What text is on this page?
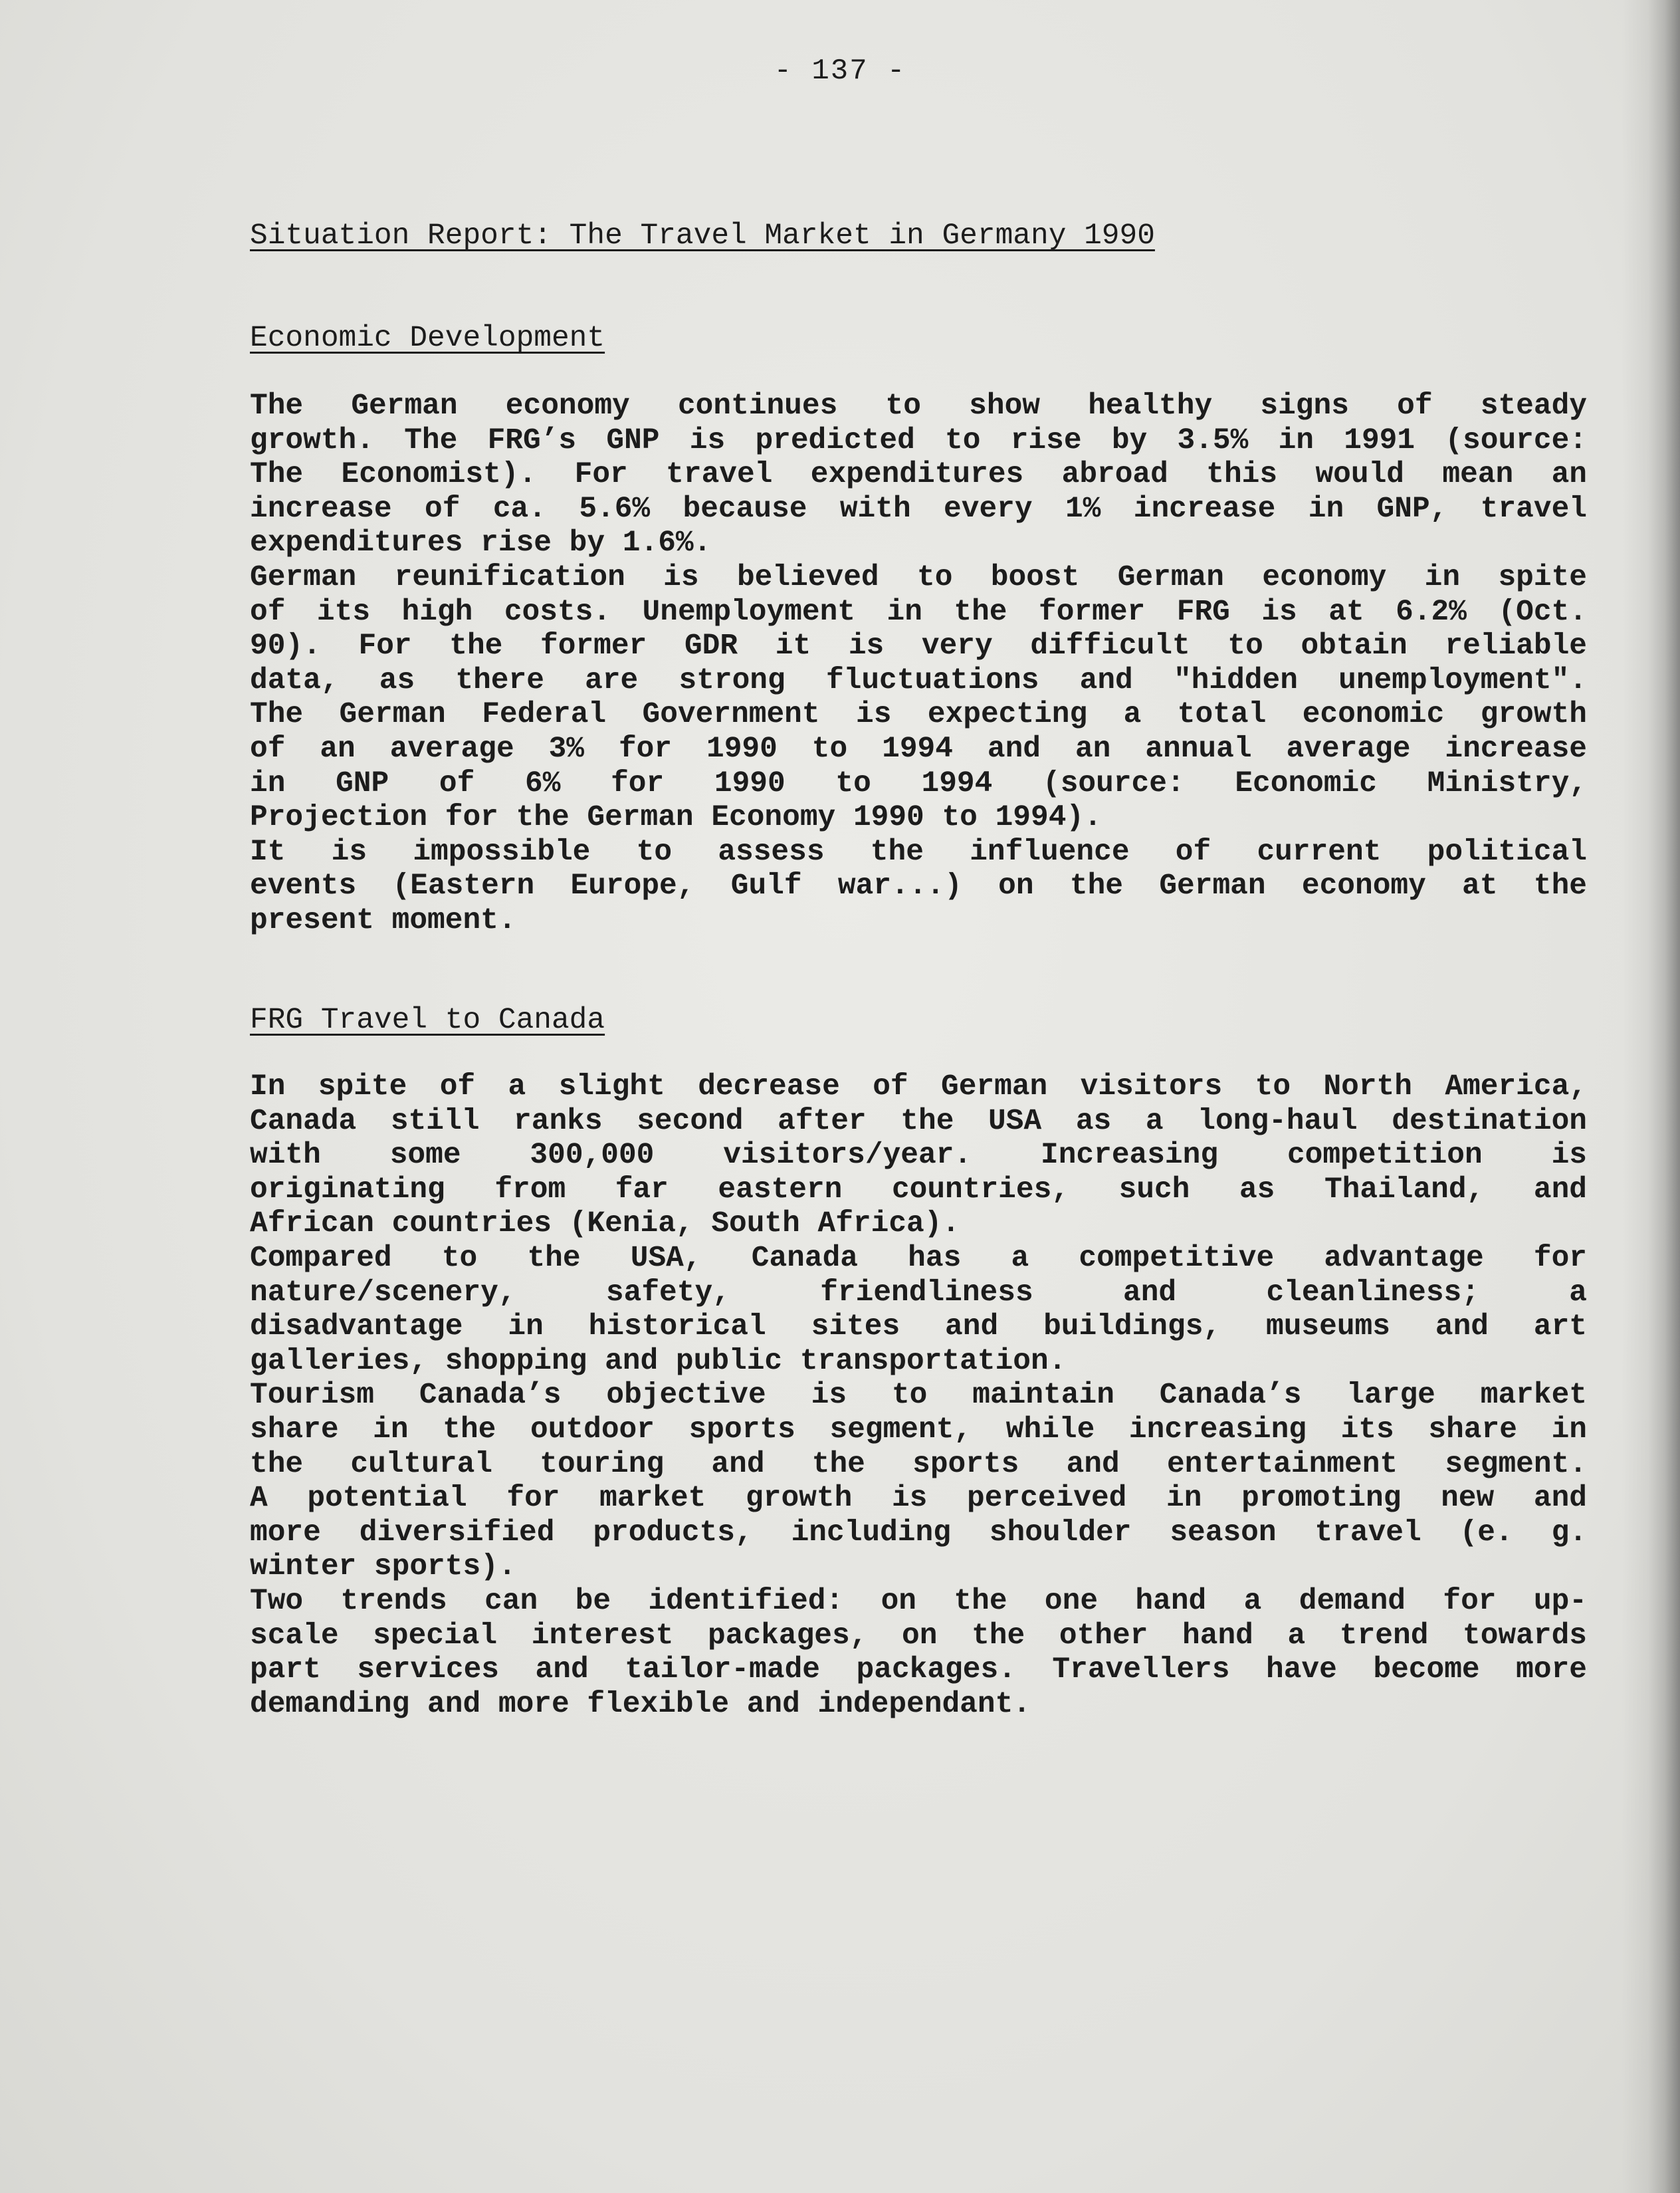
- 137 -
Situation Report: The Travel Market in Germany 1990
Economic Development
The German economy continues to show healthy signs of steady
growth. The FRG’s GNP is predicted to rise by 3.5% in 1991 (source:
The Economist). For travel expenditures abroad this would mean an
increase of ca. 5.6% because with every 1% increase in GNP, travel
expenditures rise by 1.6%.
German reunification is believed to boost German economy in spite
of its high costs. Unemployment in the former FRG is at 6.2% (Oct.
90). For the former GDR it is very difficult to obtain reliable
data, as there are strong fluctuations and "hidden unemployment".
The German Federal Government is expecting a total economic growth
of an average 3% for 1990 to 1994 and an annual average increase
in GNP of 6% for 1990 to 1994 (source: Economic Ministry,
Projection for the German Economy 1990 to 1994).
It is impossible to assess the influence of current political
events (Eastern Europe, Gulf war...) on the German economy at the
present moment.
FRG Travel to Canada
In spite of a slight decrease of German visitors to North America,
Canada still ranks second after the USA as a long-haul destination
with some 300,000 visitors/year. Increasing competition is
originating from far eastern countries, such as Thailand, and
African countries (Kenia, South Africa).
Compared to the USA, Canada has a competitive advantage for
nature/scenery, safety, friendliness and cleanliness; a
disadvantage in historical sites and buildings, museums and art
galleries, shopping and public transportation.
Tourism Canada’s objective is to maintain Canada’s large market
share in the outdoor sports segment, while increasing its share in
the cultural touring and the sports and entertainment segment.
A potential for market growth is perceived in promoting new and
more diversified products, including shoulder season travel (e. g.
winter sports).
Two trends can be identified: on the one hand a demand for up-
scale special interest packages, on the other hand a trend towards
part services and tailor-made packages. Travellers have become more
demanding and more flexible and independant.
